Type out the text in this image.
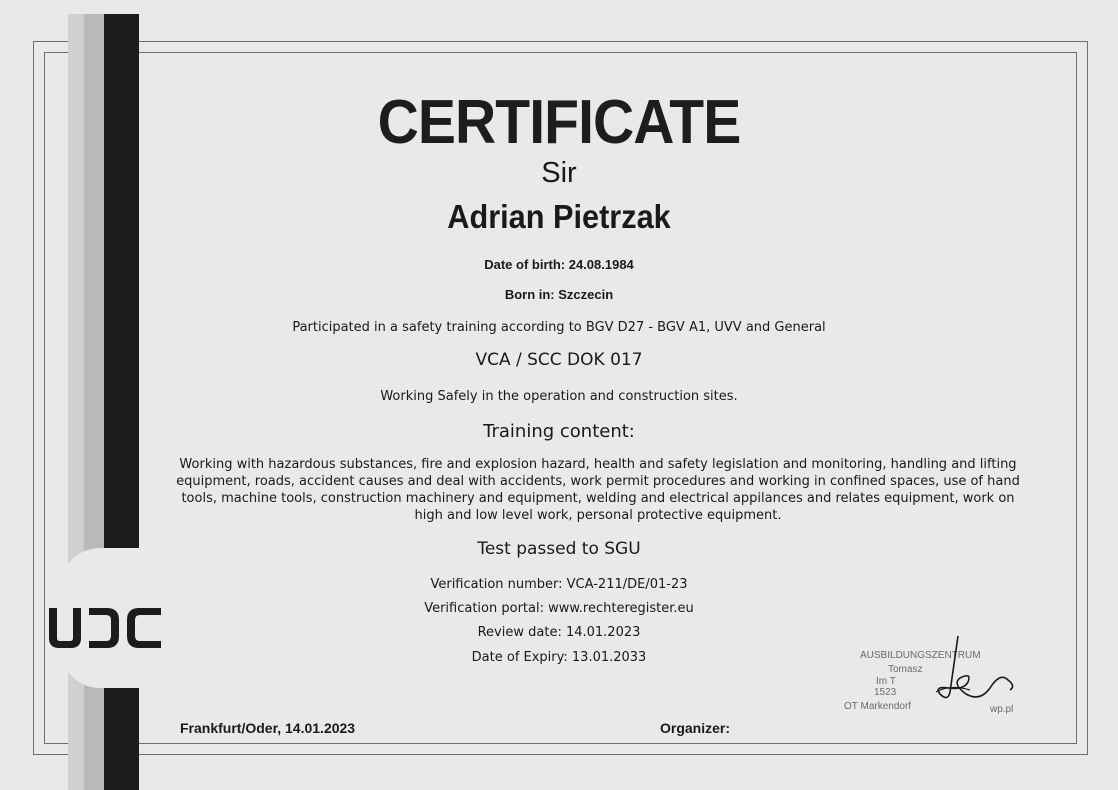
CERTIFICATE
Sir
Adrian Pietrzak
Date of birth: 24.08.1984
Born in: Szczecin
Participated in a safety training according to BGV D27 - BGV A1, UVV and General
VCA / SCC DOK 017
Working Safely in the operation and construction sites.
Training content:
Working with hazardous substances, fire and explosion hazard, health and safety legislation and monitoring, handling and lifting equipment, roads, accident causes and deal with accidents, work permit procedures and working in confined spaces, use of hand tools, machine tools, construction machinery and equipment, welding and electrical appilances and relates equipment, work on high and low level work, personal protective equipment.
Test passed to SGU
Verification number: VCA-211/DE/01-23
Verification portal: www.rechteregister.eu
Review date: 14.01.2023
Date of Expiry: 13.01.2033
Frankfurt/Oder, 14.01.2023	Organizer:
AUSBILDUNGSZENTRUM
Tomasz
Im T
1523
OT Markendorf	wp.pl
